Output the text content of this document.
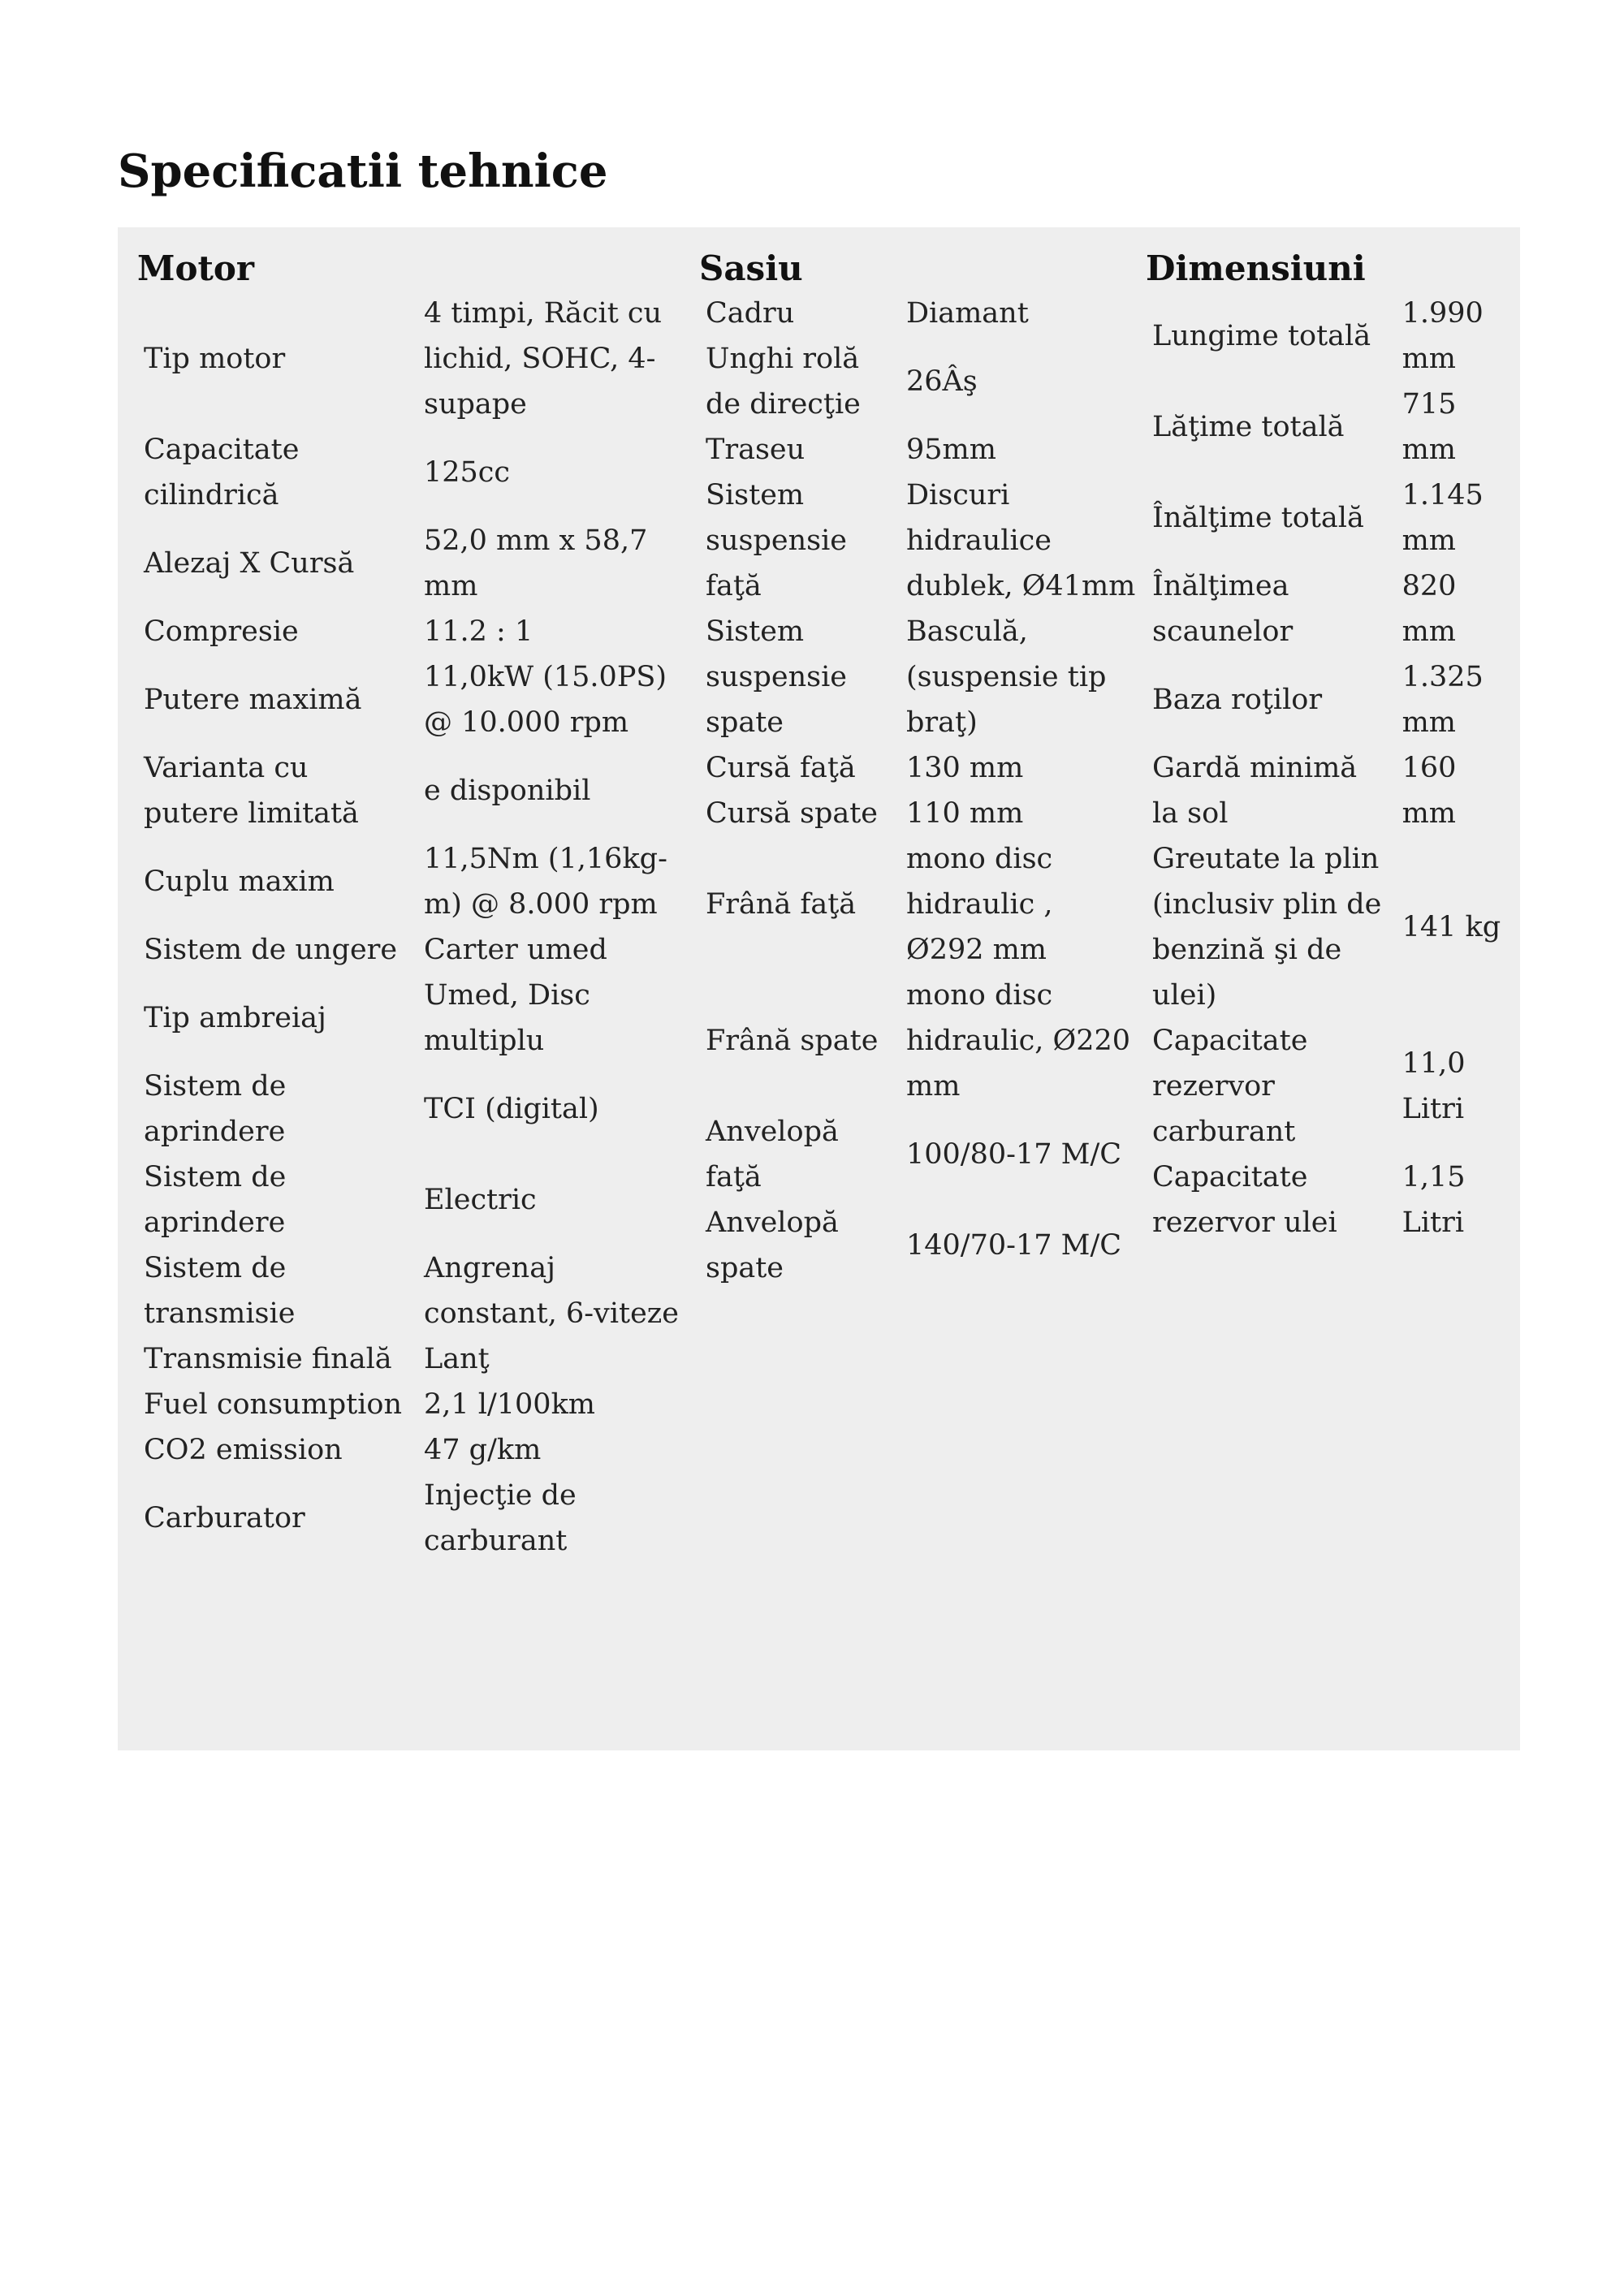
Specificatii tehnice
Motor
Tip motor	4 timpi, Răcit cu lichid, SOHC, 4-supape
Capacitate cilindrică	125cc
Alezaj X Cursă	52,0 mm x 58,7 mm
Compresie	11.2 : 1
Putere maximă	11,0kW (15.0PS) @ 10.000 rpm
Varianta cu putere limitată	e disponibil
Cuplu maxim	11,5Nm (1,16kg-m) @ 8.000 rpm
Sistem de ungere	Carter umed
Tip ambreiaj	Umed, Disc multiplu
Sistem de aprindere	TCI (digital)
Sistem de aprindere	Electric
Sistem de transmisie	Angrenaj constant, 6-viteze
Transmisie finală	Lanţ
Fuel consumption	2,1 l/100km
CO2 emission	47 g/km
Carburator	Injecţie de carburant
Sasiu
Cadru	Diamant
Unghi rolă de direcţie	26Âş
Traseu	95mm
Sistem suspensie faţă	Discuri hidraulice dublek, Ø41mm
Sistem suspensie spate	Basculă, (suspensie tip braţ)
Cursă faţă	130 mm
Cursă spate	110 mm
Frână faţă	mono disc hidraulic , Ø292 mm
Frână spate	mono disc hidraulic, Ø220 mm
Anvelopă faţă	100/80-17 M/C
Anvelopă spate	140/70-17 M/C
Dimensiuni
Lungime totală	1.990 mm
Lăţime totală	715 mm
Înălţime totală	1.145 mm
Înălţimea scaunelor	820 mm
Baza roţilor	1.325 mm
Gardă minimă la sol	160 mm
Greutate la plin (inclusiv plin de benzină şi de ulei)	141 kg
Capacitate rezervor carburant	11,0 Litri
Capacitate rezervor ulei	1,15 Litri
